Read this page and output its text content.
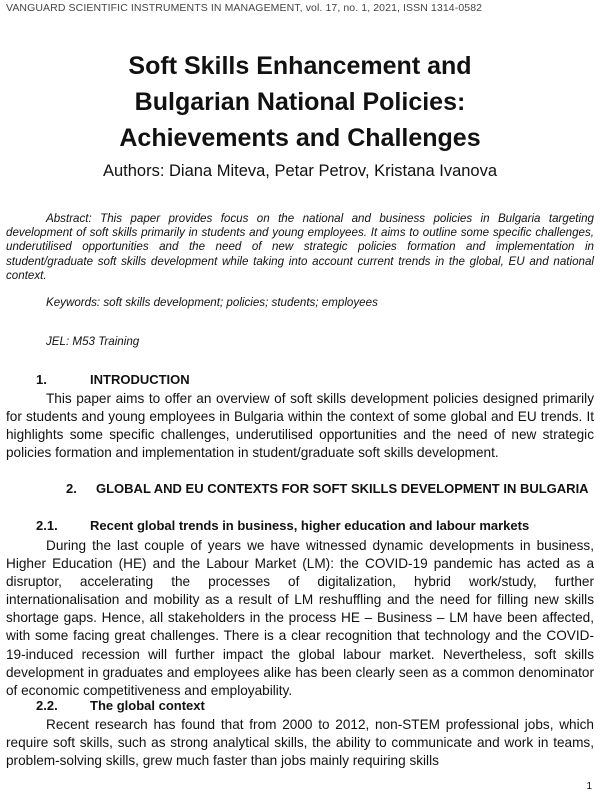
VANGUARD SCIENTIFIC INSTRUMENTS IN MANAGEMENT, vol. 17, no. 1, 2021, ISSN 1314-0582
Soft Skills Enhancement and
Bulgarian National Policies:
Achievements and Challenges
Authors: Diana Miteva, Petar Petrov, Kristana Ivanova

Abstract: This paper provides focus on the national and business policies in Bulgaria targeting development of soft skills primarily in students and young employees. It aims to outline some specific challenges, underutilised opportunities and the need of new strategic policies formation and implementation in student/graduate soft skills development while taking into account current trends in the global, EU and national context.

Keywords: soft skills development; policies; students; employees
JEL: M53 Training
1.	INTRODUCTION

This paper aims to offer an overview of soft skills development policies designed primarily for students and young employees in Bulgaria within the context of some global and EU trends. It highlights some specific challenges, underutilised opportunities and the need of new strategic policies formation and implementation in student/graduate soft skills development.

2. GLOBAL AND EU CONTEXTS FOR SOFT SKILLS DEVELOPMENT IN BULGARIA
2.1. Recent global trends in business, higher education and labour markets

During the last couple of years we have witnessed dynamic developments in business, Higher Education (HE) and the Labour Market (LM): the COVID-19 pandemic has acted as a disruptor, accelerating the processes of digitalization, hybrid work/study, further internationalisation and mobility as a result of LM reshuffling and the need for filling new skills shortage gaps. Hence, all stakeholders in the process HE – Business – LM have been affected, with some facing great challenges. There is a clear recognition that technology and the COVID-19-induced recession will further impact the global labour market. Nevertheless, soft skills development in graduates and employees alike has been clearly seen as a common denominator of economic competitiveness and employability.

2.2. The global context

Recent research has found that from 2000 to 2012, non-STEM professional jobs, which require soft skills, such as strong analytical skills, the ability to communicate and work in teams, problem-solving skills, grew much faster than jobs mainly requiring skills

1
